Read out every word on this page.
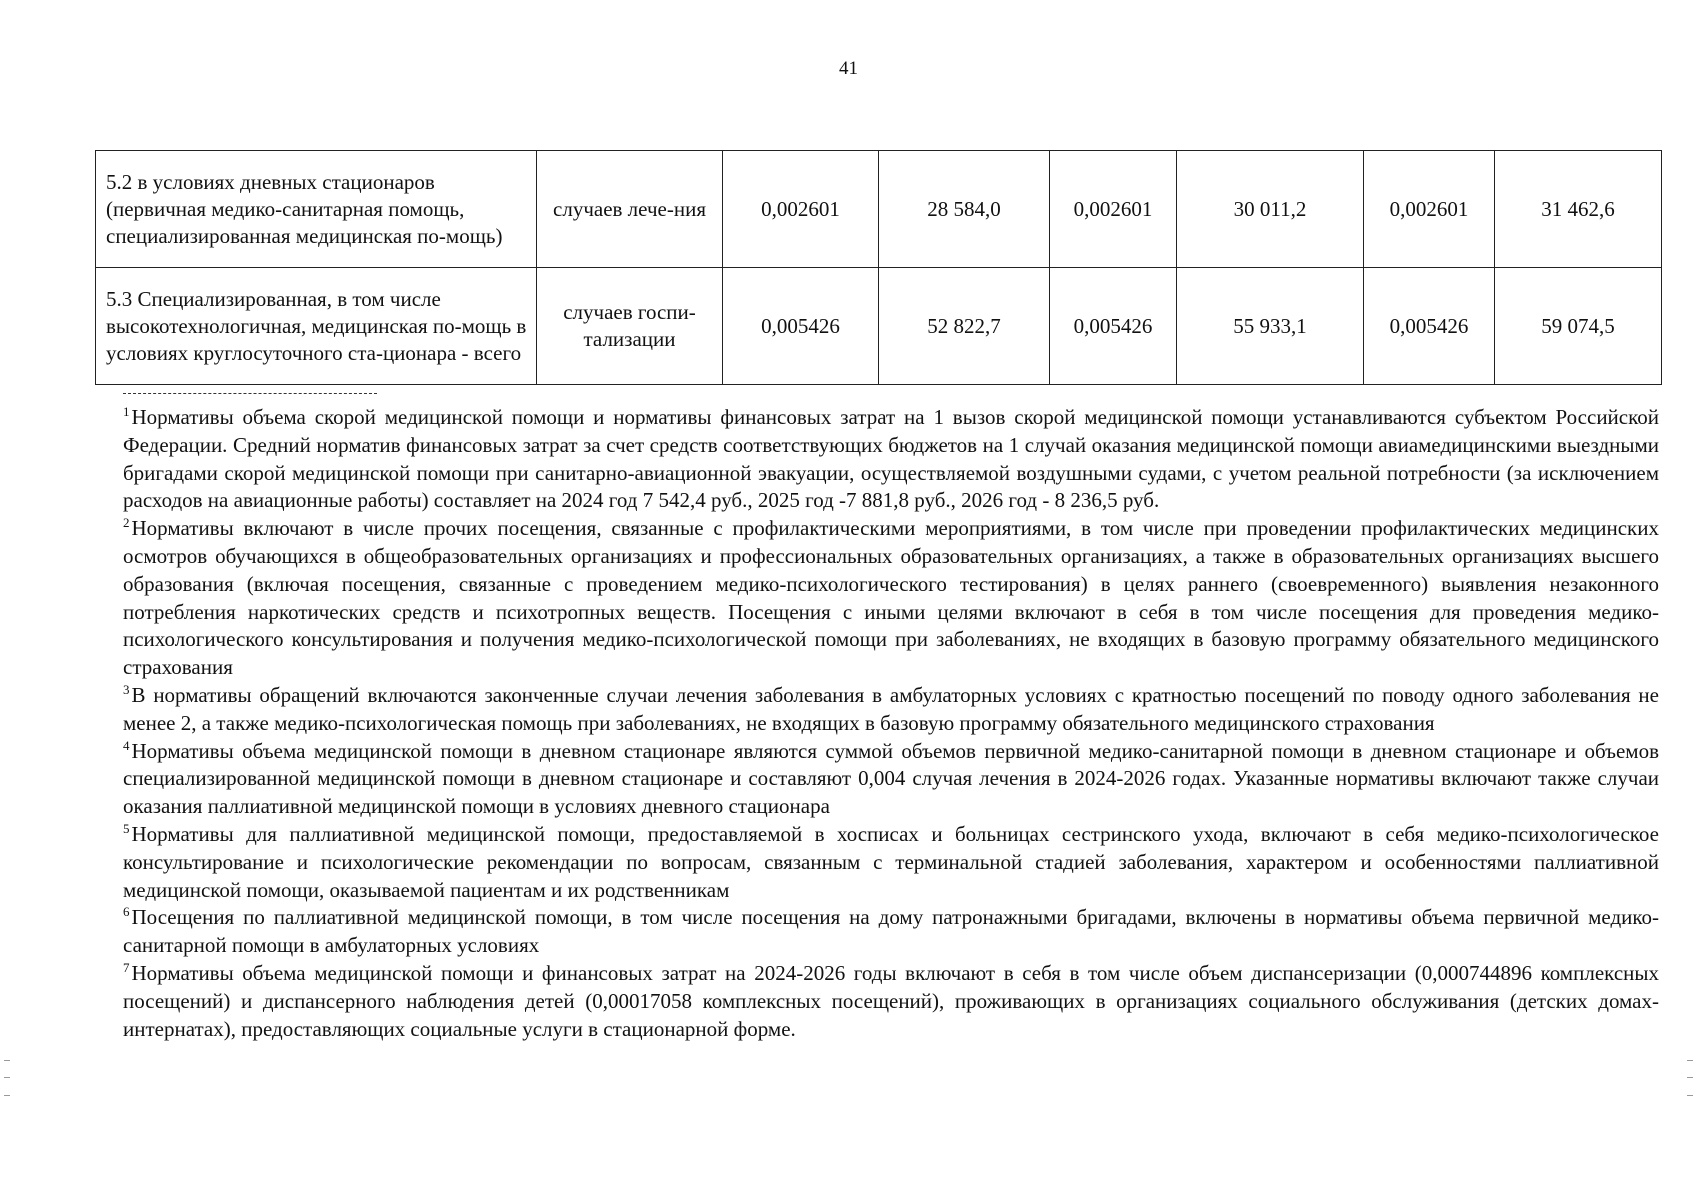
41
5.2 в условиях дневных стационаров (первичная медико-санитарная помощь, специализированная медицинская по-мощь)	случаев лече-ния	0,002601	28 584,0	0,002601	30 011,2	0,002601	31 462,6
5.3 Специализированная, в том числе высокотехнологичная, медицинская по-мощь в условиях круглосуточного ста-ционара - всего	случаев госпи-тализации	0,005426	52 822,7	0,005426	55 933,1	0,005426	59 074,5

$^1$Нормативы объема скорой медицинской помощи и нормативы финансовых затрат на 1 вызов скорой медицинской помощи устанавливаются субъектом Российской Федерации. Средний норматив финансовых затрат за счет средств соответствующих бюджетов на 1 случай оказания медицинской помощи авиамедицинскими выездными бригадами скорой медицинской помощи при санитарно-авиационной эвакуации, осуществляемой воздушными судами, с учетом реальной потребности (за исключением расходов на авиационные работы) составляет на 2024 год 7 542,4 руб., 2025 год -7 881,8 руб., 2026 год - 8 236,5 руб.

$^2$Нормативы включают в числе прочих посещения, связанные с профилактическими мероприятиями, в том числе при проведении профилактических медицинских осмотров обучающихся в общеобразовательных организациях и профессиональных образовательных организациях, а также в образовательных организациях высшего образования (включая посещения, связанные с проведением медико-психологического тестирования) в целях раннего (своевременного) выявления незаконного потребления наркотических средств и психотропных веществ. Посещения с иными целями включают в себя в том числе посещения для проведения медико-психологического консультирования и получения медико-психологической помощи при заболеваниях, не входящих в базовую программу обязательного медицинского страхования

$^3$В нормативы обращений включаются законченные случаи лечения заболевания в амбулаторных условиях с кратностью посещений по поводу одного заболевания не менее 2, а также медико-психологическая помощь при заболеваниях, не входящих в базовую программу обязательного медицинского страхования

$^4$Нормативы объема медицинской помощи в дневном стационаре являются суммой объемов первичной медико-санитарной помощи в дневном стационаре и объемов специализированной медицинской помощи в дневном стационаре и составляют 0,004 случая лечения в 2024-2026 годах. Указанные нормативы включают также случаи оказания паллиативной медицинской помощи в условиях дневного стационара

$^5$Нормативы для паллиативной медицинской помощи, предоставляемой в хосписах и больницах сестринского ухода, включают в себя медико-психологическое консультирование и психологические рекомендации по вопросам, связанным с терминальной стадией заболевания, характером и особенностями паллиативной медицинской помощи, оказываемой пациентам и их родственникам

$^6$Посещения по паллиативной медицинской помощи, в том числе посещения на дому патронажными бригадами, включены в нормативы объема первичной медико-санитарной помощи в амбулаторных условиях

$^7$Нормативы объема медицинской помощи и финансовых затрат на 2024-2026 годы включают в себя в том числе объем диспансеризации (0,000744896 комплексных посещений) и диспансерного наблюдения детей (0,00017058 комплексных посещений), проживающих в организациях социального обслуживания (детских домах-интернатах), предоставляющих социальные услуги в стационарной форме.
